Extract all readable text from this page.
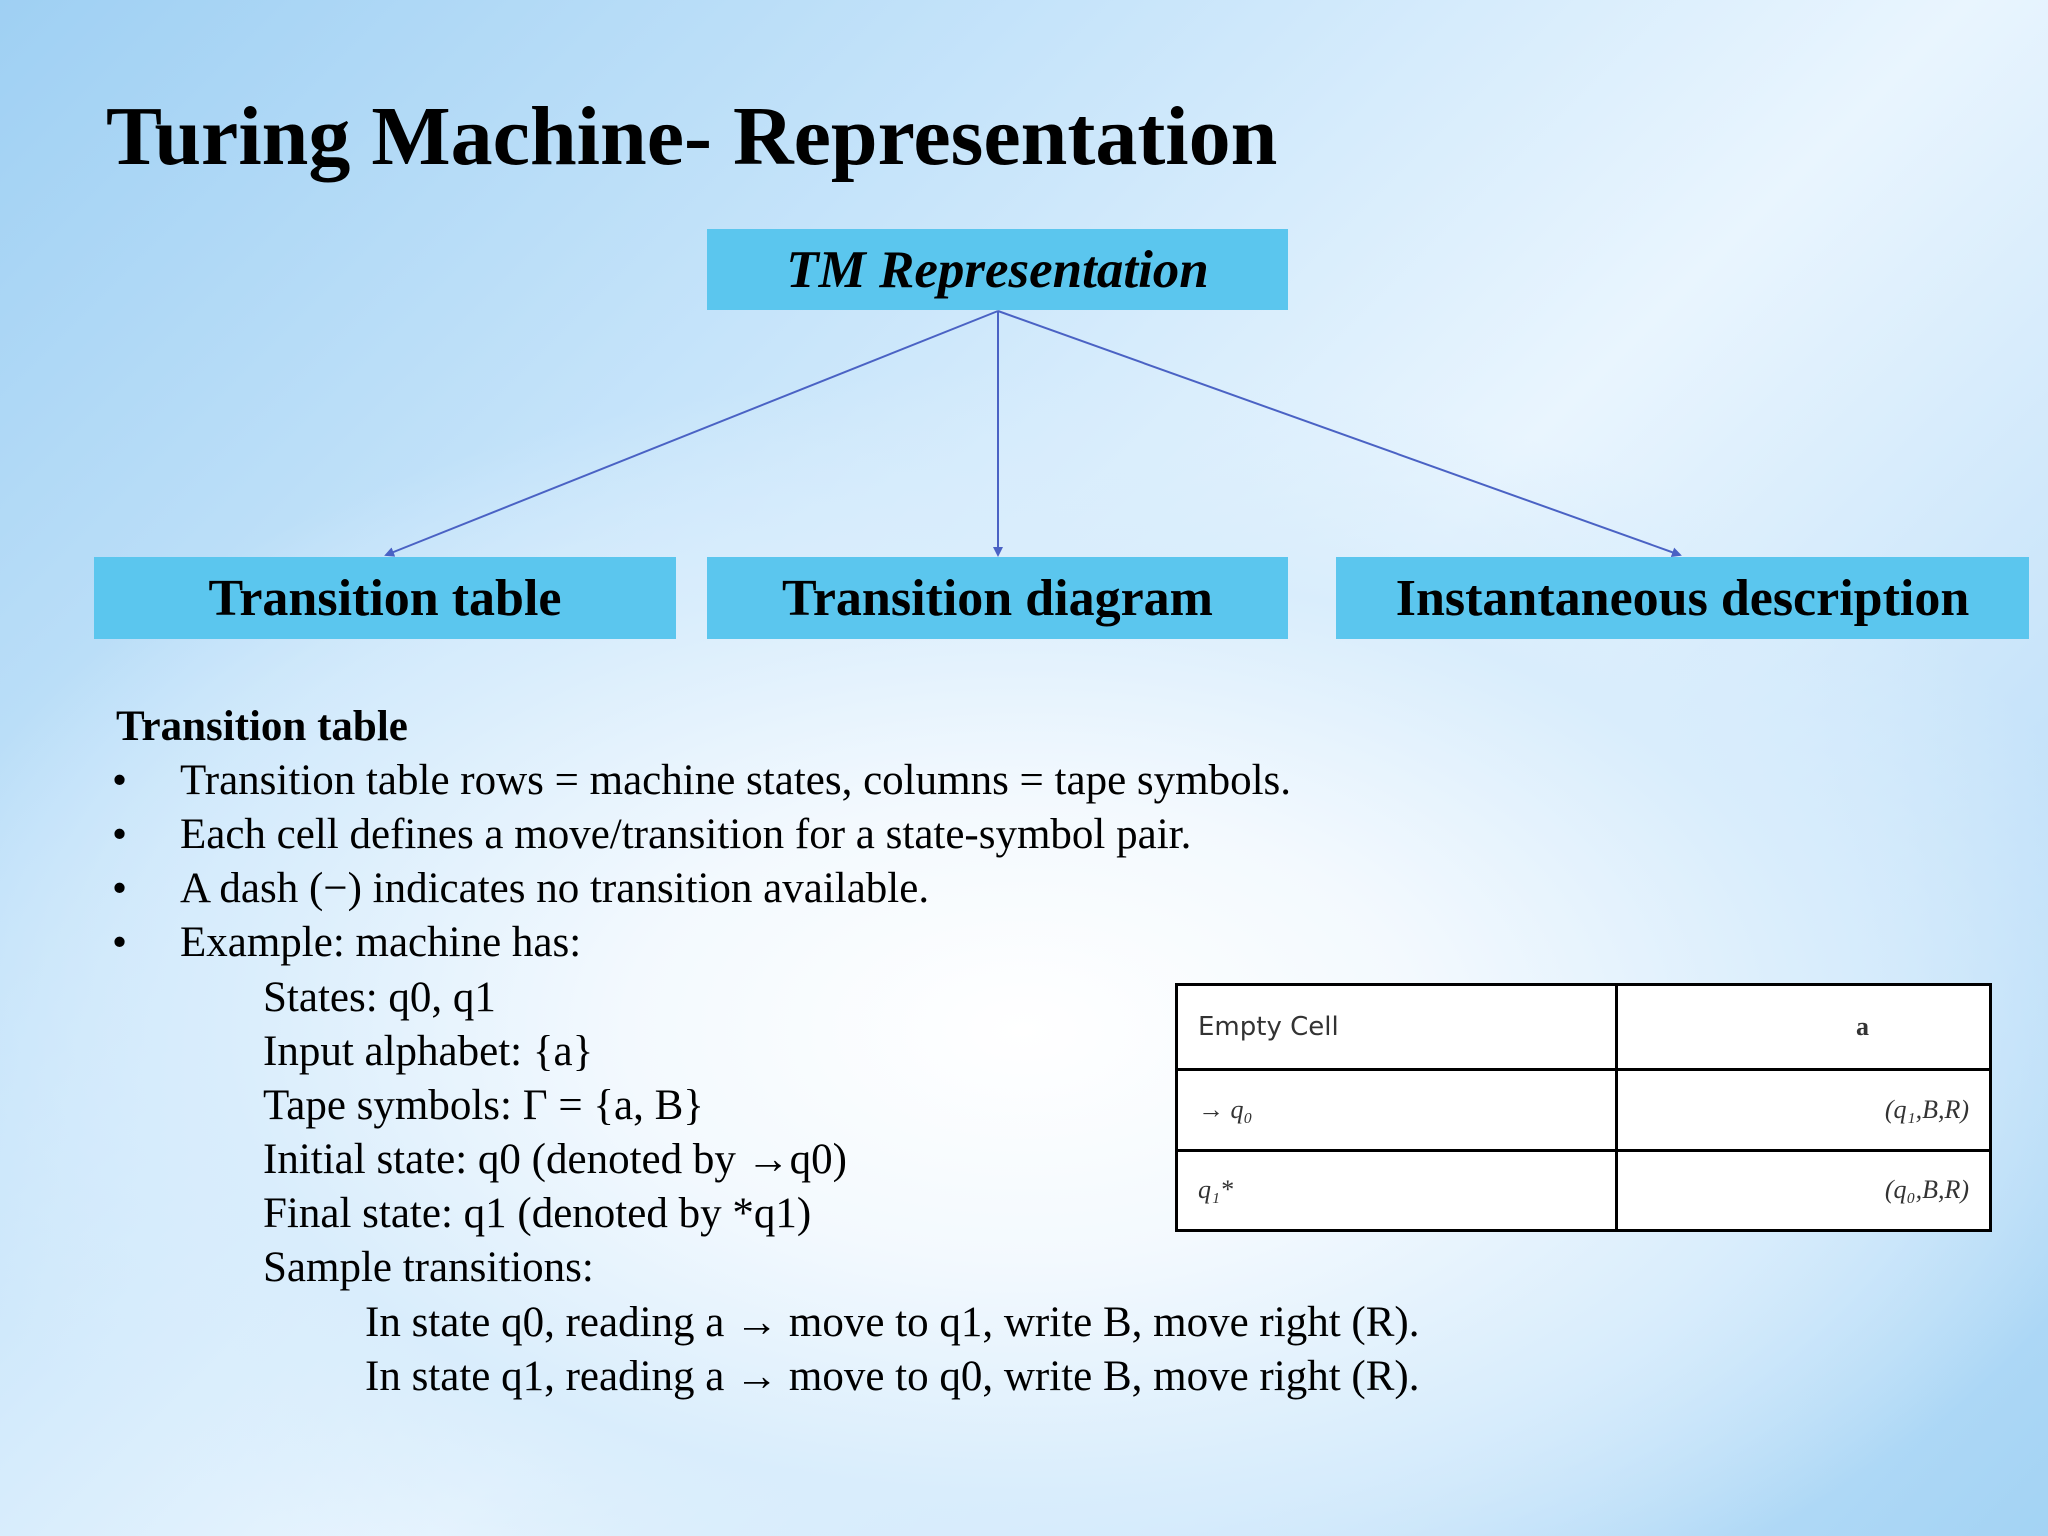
Turing Machine- Representation
TM Representation
Transition table	Transition diagram	Instantaneous description
Transition table
• Transition table rows = machine states, columns = tape symbols.
• Each cell defines a move/transition for a state-symbol pair.
• A dash (−) indicates no transition available.
• Example: machine has:
States: q0, q1
Input alphabet: {a}
Tape symbols: Γ = {a, B}
Initial state: q0 (denoted by →q0)
Final state: q1 (denoted by *q1)
Sample transitions:
In state q0, reading a → move to q1, write B, move right (R).
In state q1, reading a → move to q0, write B, move right (R).
Empty Cell	a
→ q₀	(q₁,B,R)
q₁*	(q₀,B,R)
